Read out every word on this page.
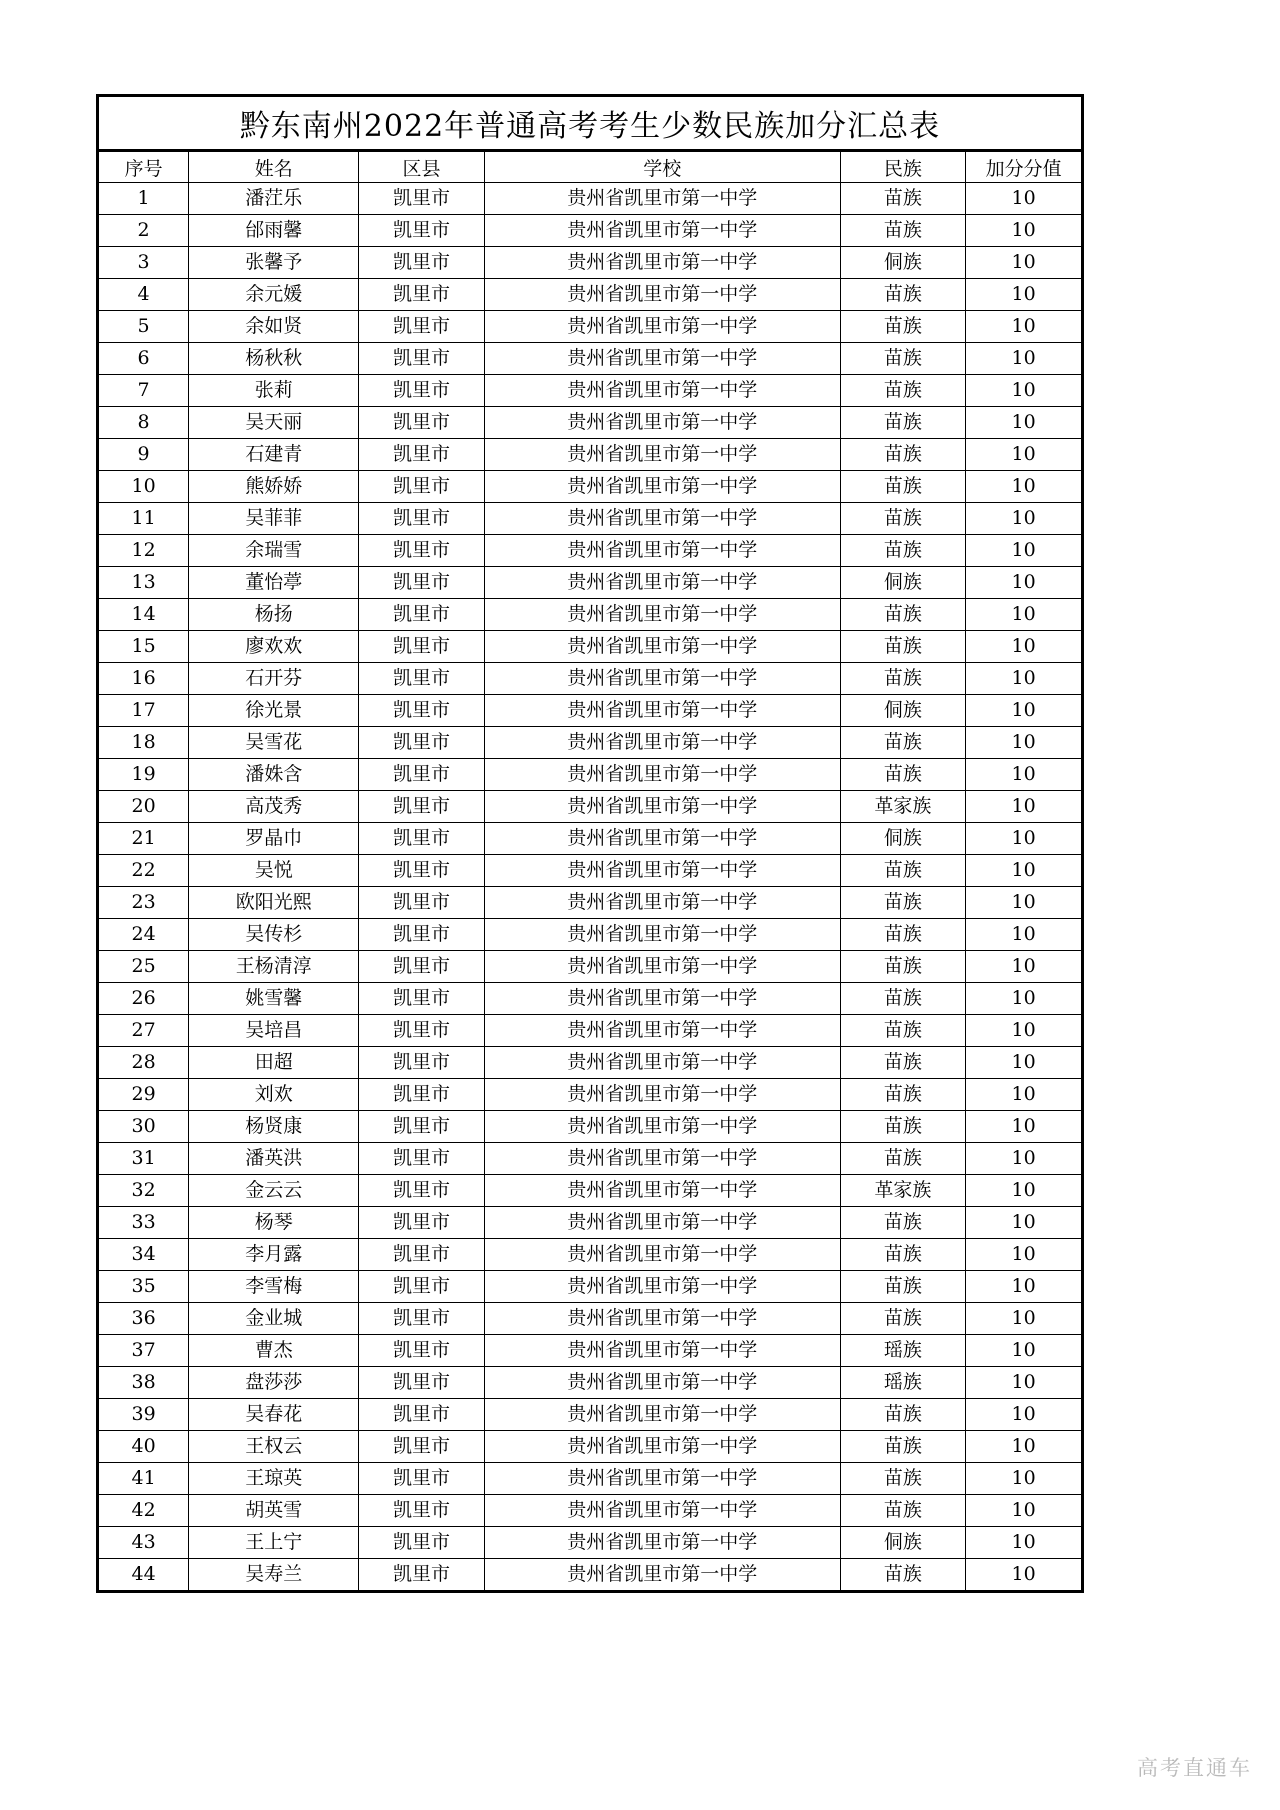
黔东南州2022年普通高考考生少数民族加分汇总表					
序号	姓名	区县	学校	民族	加分分值
1	潘茳乐	凯里市	贵州省凯里市第一中学	苗族	10
2	邰雨馨	凯里市	贵州省凯里市第一中学	苗族	10
3	张馨予	凯里市	贵州省凯里市第一中学	侗族	10
4	余元媛	凯里市	贵州省凯里市第一中学	苗族	10
5	余如贤	凯里市	贵州省凯里市第一中学	苗族	10
6	杨秋秋	凯里市	贵州省凯里市第一中学	苗族	10
7	张莉	凯里市	贵州省凯里市第一中学	苗族	10
8	吴天丽	凯里市	贵州省凯里市第一中学	苗族	10
9	石建青	凯里市	贵州省凯里市第一中学	苗族	10
10	熊娇娇	凯里市	贵州省凯里市第一中学	苗族	10
11	吴菲菲	凯里市	贵州省凯里市第一中学	苗族	10
12	余瑞雪	凯里市	贵州省凯里市第一中学	苗族	10
13	董怡葶	凯里市	贵州省凯里市第一中学	侗族	10
14	杨扬	凯里市	贵州省凯里市第一中学	苗族	10
15	廖欢欢	凯里市	贵州省凯里市第一中学	苗族	10
16	石开芬	凯里市	贵州省凯里市第一中学	苗族	10
17	徐光景	凯里市	贵州省凯里市第一中学	侗族	10
18	吴雪花	凯里市	贵州省凯里市第一中学	苗族	10
19	潘姝含	凯里市	贵州省凯里市第一中学	苗族	10
20	高茂秀	凯里市	贵州省凯里市第一中学	革家族	10
21	罗晶巾	凯里市	贵州省凯里市第一中学	侗族	10
22	吴悦	凯里市	贵州省凯里市第一中学	苗族	10
23	欧阳光熙	凯里市	贵州省凯里市第一中学	苗族	10
24	吴传杉	凯里市	贵州省凯里市第一中学	苗族	10
25	王杨清淳	凯里市	贵州省凯里市第一中学	苗族	10
26	姚雪馨	凯里市	贵州省凯里市第一中学	苗族	10
27	吴培昌	凯里市	贵州省凯里市第一中学	苗族	10
28	田超	凯里市	贵州省凯里市第一中学	苗族	10
29	刘欢	凯里市	贵州省凯里市第一中学	苗族	10
30	杨贤康	凯里市	贵州省凯里市第一中学	苗族	10
31	潘英洪	凯里市	贵州省凯里市第一中学	苗族	10
32	金云云	凯里市	贵州省凯里市第一中学	革家族	10
33	杨琴	凯里市	贵州省凯里市第一中学	苗族	10
34	李月露	凯里市	贵州省凯里市第一中学	苗族	10
35	李雪梅	凯里市	贵州省凯里市第一中学	苗族	10
36	金业城	凯里市	贵州省凯里市第一中学	苗族	10
37	曹杰	凯里市	贵州省凯里市第一中学	瑶族	10
38	盘莎莎	凯里市	贵州省凯里市第一中学	瑶族	10
39	吴春花	凯里市	贵州省凯里市第一中学	苗族	10
40	王权云	凯里市	贵州省凯里市第一中学	苗族	10
41	王琼英	凯里市	贵州省凯里市第一中学	苗族	10
42	胡英雪	凯里市	贵州省凯里市第一中学	苗族	10
43	王上宁	凯里市	贵州省凯里市第一中学	侗族	10
44	吴寿兰	凯里市	贵州省凯里市第一中学	苗族	10
高考直通车
